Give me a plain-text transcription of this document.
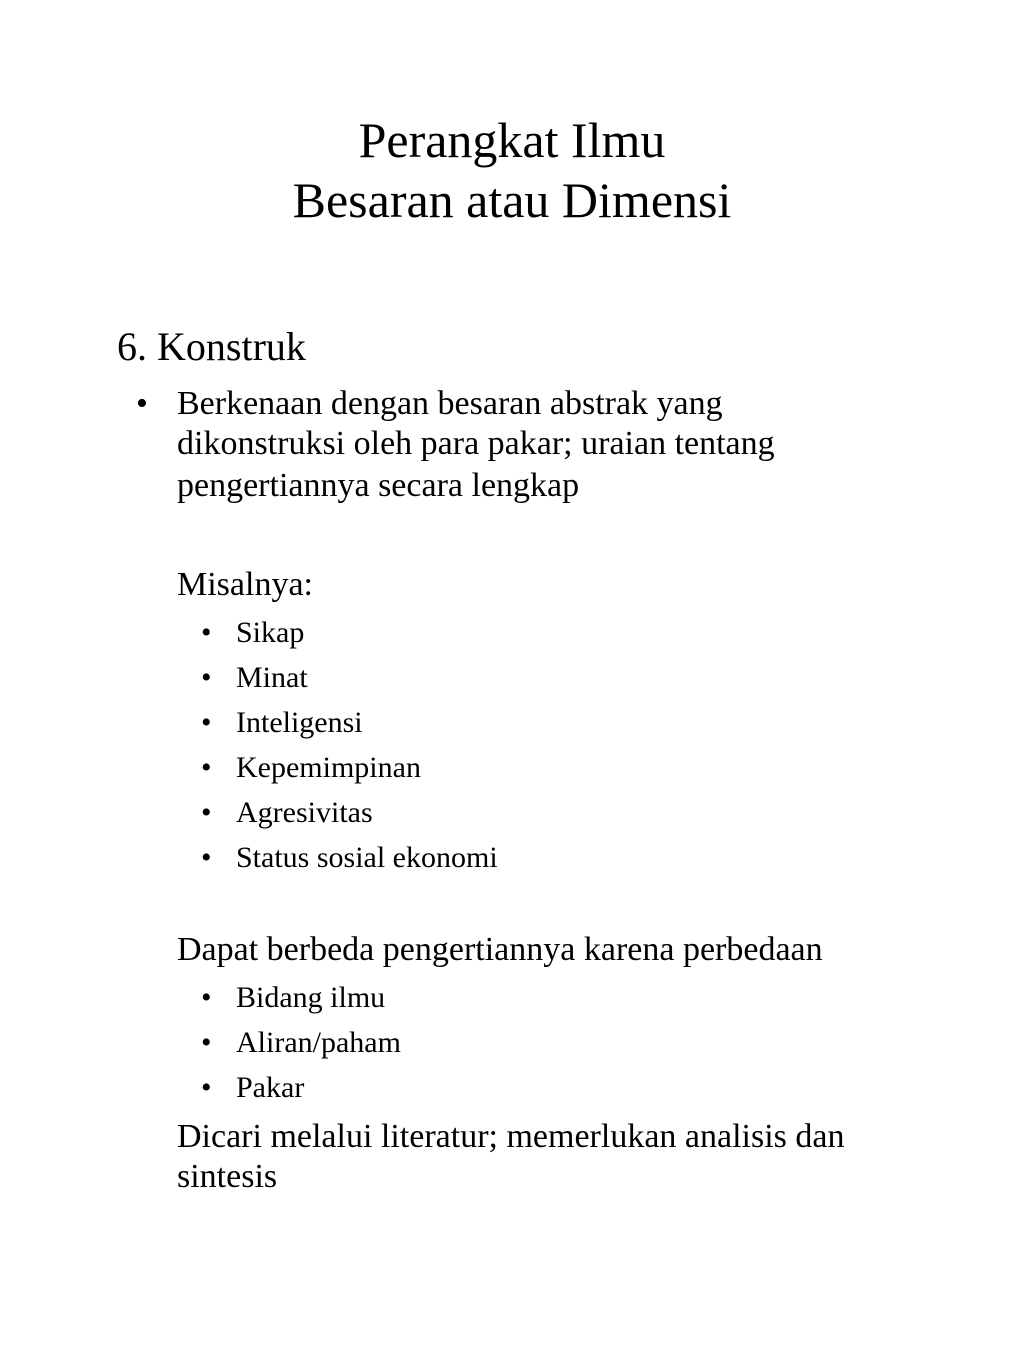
Perangkat Ilmu
Besaran atau Dimensi
6. Konstruk
• Berkenaan dengan besaran abstrak yang
dikonstruksi oleh para pakar; uraian tentang
pengertiannya secara lengkap
Misalnya:
• Sikap
• Minat
• Inteligensi
• Kepemimpinan
• Agresivitas
• Status sosial ekonomi
Dapat berbeda pengertiannya karena perbedaan
• Bidang ilmu
• Aliran/paham
• Pakar
Dicari melalui literatur; memerlukan analisis dan
sintesis
